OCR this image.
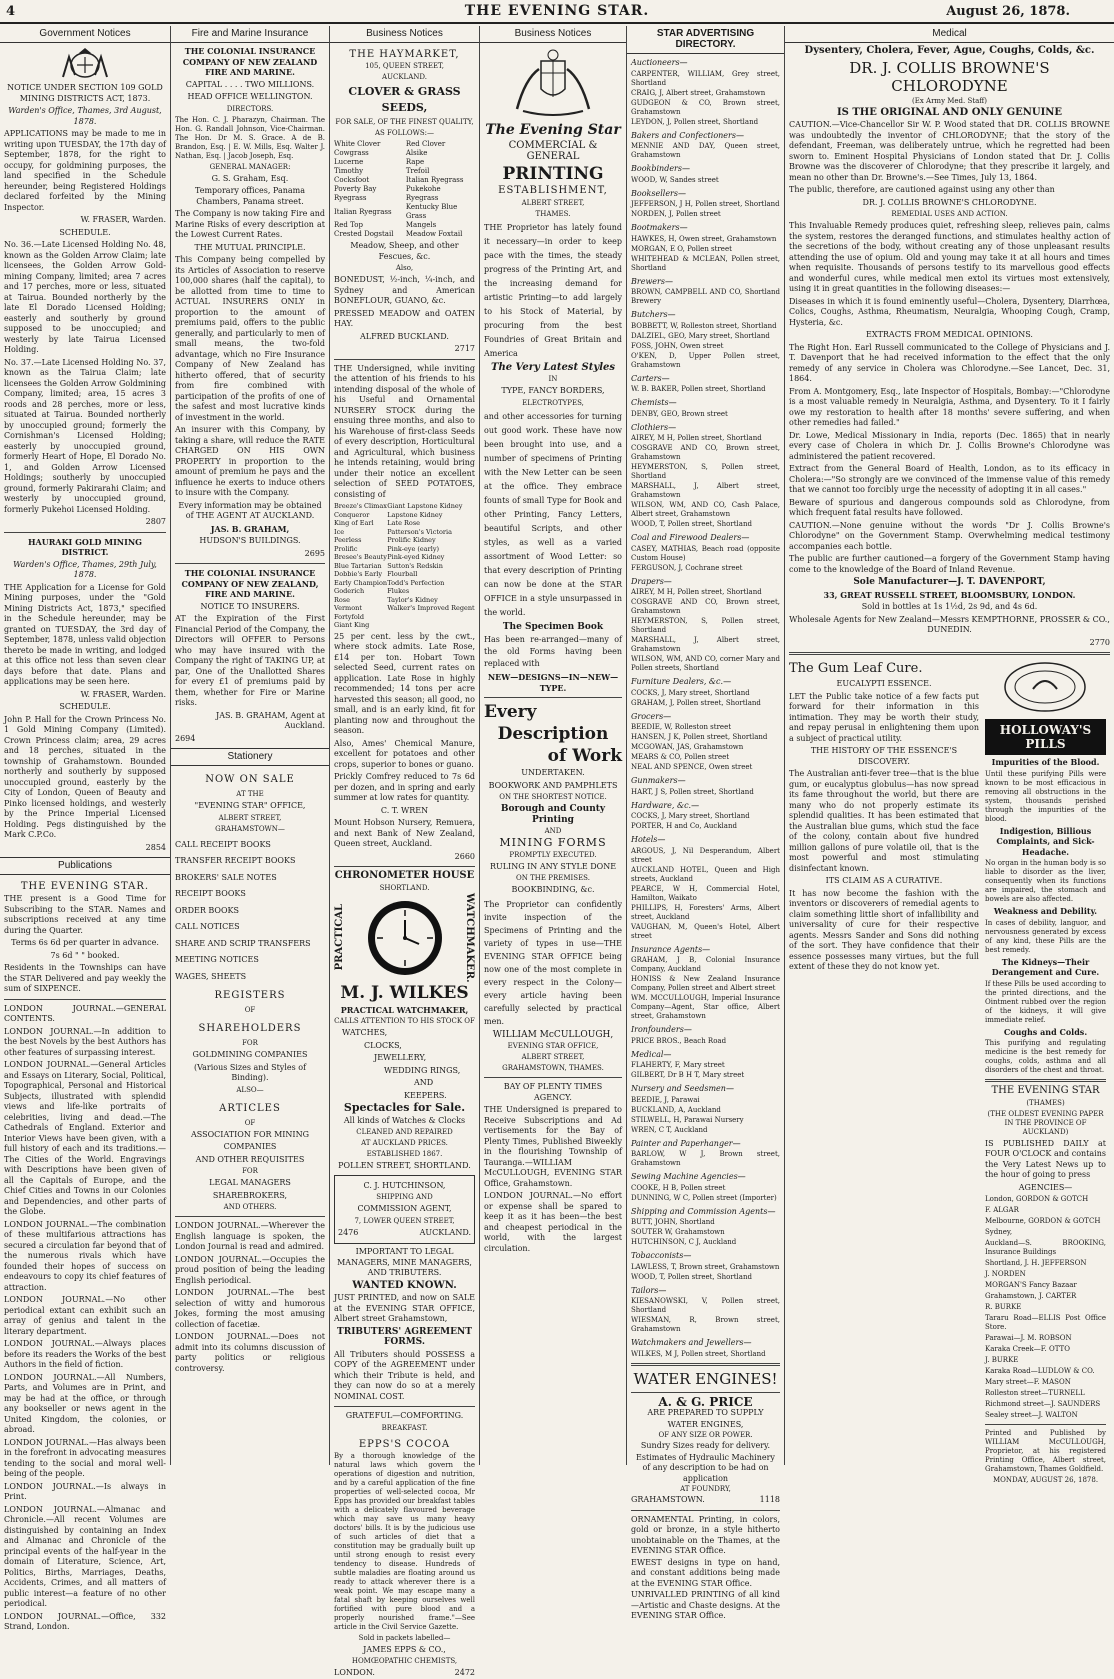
4	THE EVENING STAR.	August 26, 1878.
Government Notices
NOTICE UNDER SECTION 109 GOLD MINING DISTRICTS ACT, 1873.
Warden's Office, Thames, 3rd August, 1878.
APPLICATIONS may be made to me in writing upon TUESDAY, the 17th day of September, 1878, for the right to occupy, for goldmining purposes, the land specified in the Schedule hereunder, being Registered Holdings declared forfeited by the Mining Inspector.
W. FRASER, Warden.
SCHEDULE.
No. 36.—Late Licensed Holding No. 48, known as the Golden Arrow Claim; late licensees, the Golden Arrow Gold-mining Company, limited; area 7 acres and 17 perches, more or less, situated at Tairua. Bounded northerly by the late El Dorado Licensed Holding; easterly and southerly by ground supposed to be unoccupied; and westerly by late Tairua Licensed Holding.
No. 37.—Late Licensed Holding No. 37, known as the Tairua Claim; late licensees the Golden Arrow Goldmining Company, limited; area, 15 acres 3 roods and 28 perches, more or less, situated at Tairua. Bounded northerly by unoccupied ground; formerly the Cornishman's Licensed Holding; easterly by unoccupied ground, formerly Heart of Hope, El Dorado No. 1, and Golden Arrow Licensed Holdings; southerly by unoccupied ground, formerly Pakirarahi Claim; and westerly by unoccupied ground, formerly Pukehoi Licensed Holding.
2807
HAURAKI GOLD MINING DISTRICT.
Warden's Office, Thames, 29th July, 1878.
THE Application for a License for Gold Mining purposes, under the "Gold Mining Districts Act, 1873," specified in the Schedule hereunder, may be granted on TUESDAY, the 3rd day of September, 1878, unless valid objection thereto be made in writing, and lodged at this office not less than seven clear days before that date. Plans and applications may be seen here.
W. FRASER, Warden.
SCHEDULE.
John P. Hall for the Crown Princess No. 1 Gold Mining Company (Limited). Crown Princess claim; area, 29 acres and 18 perches, situated in the township of Grahamstown. Bounded northerly and southerly by supposed unoccupied ground, easterly by the City of London, Queen of Beauty and Pinko licensed holdings, and westerly by the Prince Imperial Licensed Holding. Pegs distinguished by the Mark C.P.Co.
2854
Publications
THE EVENING STAR.
THE present is a Good Time for Subscribing to the STAR. Names and subscriptions received at any time during the Quarter.
Terms 6s 6d per quarter in advance.
7s 6d " " booked.
Residents in the Townships can have the STAR Delivered and pay weekly the sum of SIXPENCE.
LONDON JOURNAL.—GENERAL CONTENTS.
LONDON JOURNAL.—In addition to the best Novels by the best Authors has other features of surpassing interest.
LONDON JOURNAL.—General Articles and Essays on Literary, Social, Political, Topographical, Personal and Historical Subjects, illustrated with splendid views and life-like portraits of celebrities, living and dead.—The Cathedrals of England. Exterior and Interior Views have been given, with a full history of each and its traditions.—The Cities of the World. Engravings with Descriptions have been given of all the Capitals of Europe, and the Chief Cities and Towns in our Colonies and Dependencies, and other parts of the Globe.
LONDON JOURNAL.—The combination of these multifarious attractions has secured a circulation far beyond that of the numerous rivals which have founded their hopes of success on endeavours to copy its chief features of attraction.
LONDON JOURNAL.—No other periodical extant can exhibit such an array of genius and talent in the literary department.
LONDON JOURNAL.—Always places before its readers the Works of the best Authors in the field of fiction.
LONDON JOURNAL.—All Numbers, Parts, and Volumes are in Print, and may be had at the office, or through any bookseller or news agent in the United Kingdom, the colonies, or abroad.
LONDON JOURNAL.—Has always been in the forefront in advocating measures tending to the social and moral well-being of the people.
LONDON JOURNAL.—Is always in Print.
LONDON JOURNAL.—Almanac and Chronicle.—All recent Volumes are distinguished by containing an Index and Almanac and Chronicle of the principal events of the half-year in the domain of Literature, Science, Art, Politics, Births, Marriages, Deaths, Accidents, Crimes, and all matters of public interest—a feature of no other periodical.
LONDON JOURNAL.—Office, 332 Strand, London.
Fire and Marine Insurance
THE COLONIAL INSURANCE COMPANY OF NEW ZEALAND FIRE AND MARINE.
CAPITAL . . . . TWO MILLIONS.
HEAD OFFICE WELLINGTON.
DIRECTORS.
The Hon. C. J. Pharazyn, Chairman. The Hon. G. Randall Johnson, Vice-Chairman. The Hon. Dr M. S. Grace. A de B. Brandon, Esq. | E. W. Mills, Esq. Walter J. Nathan, Esq. | Jacob Joseph, Esq.
GENERAL MANAGER:
G. S. Graham, Esq.
Temporary offices, Panama Chambers, Panama street.
The Company is now taking Fire and Marine Risks of every description at the Lowest Current Rates.
THE MUTUAL PRINCIPLE.
This Company being compelled by its Articles of Association to reserve 100,000 shares (half the capital), to be allotted from time to time to ACTUAL INSURERS ONLY in proportion to the amount of premiums paid, offers to the public generally, and particularly to men of small means, the two-fold advantage, which no Fire Insurance Company of New Zealand has hitherto offered, that of security from fire combined with participation of the profits of one of the safest and most lucrative kinds of investment in the world.
An insurer with this Company, by taking a share, will reduce the RATE CHARGED ON HIS OWN PROPERTY in proportion to the amount of premium he pays and the influence he exerts to induce others to insure with the Company.
Every information may be obtained of THE AGENT AT AUCKLAND.
JAS. B. GRAHAM,
HUDSON'S BUILDINGS.
2695
THE COLONIAL INSURANCE COMPANY OF NEW ZEALAND, FIRE AND MARINE.
NOTICE TO INSURERS.
AT the Expiration of the First Financial Period of the Company, the Directors will OFFER to Persons who may have insured with the Company the right of TAKING UP, at par, One of the Unallotted Shares for every £1 of premiums paid by them, whether for Fire or Marine risks.
JAS. B. GRAHAM, Agent at Auckland.
2694
Stationery
NOW ON SALE
AT THE
"EVENING STAR" OFFICE,
ALBERT STREET,
GRAHAMSTOWN—
CALL RECEIPT BOOKS
TRANSFER RECEIPT BOOKS
BROKERS' SALE NOTES
RECEIPT BOOKS
ORDER BOOKS
CALL NOTICES
SHARE AND SCRIP TRANSFERS
MEETING NOTICES
WAGES, SHEETS
REGISTERS
OF
SHAREHOLDERS
FOR
GOLDMINING COMPANIES
(Various Sizes and Styles of Binding).
ALSO—
ARTICLES
OF
ASSOCIATION FOR MINING
COMPANIES
AND OTHER REQUISITES
FOR
LEGAL MANAGERS
SHAREBROKERS,
AND OTHERS.
LONDON JOURNAL.—Wherever the English language is spoken, the London Journal is read and admired.
LONDON JOURNAL.—Occupies the proud position of being the leading English periodical.
LONDON JOURNAL.—The best selection of witty and humorous Jokes, forming the most amusing collection of facetiæ.
LONDON JOURNAL.—Does not admit into its columns discussion of party politics or religious controversy.
Business Notices
THE HAYMARKET,
105, QUEEN STREET,
AUCKLAND.
CLOVER & GRASS SEEDS,
FOR SALE, OF THE FINEST QUALITY,
AS FOLLOWS:—
White Clover	Red Clover
Cowgrass	Alsike
Lucerne	Rape
Timothy	Trefoil
Cocksfoot	Italian Ryegrass
Poverty Bay Ryegrass	Pukekohe Ryegrass
Italian Ryegrass	Kentucky Blue Grass
Red Top	Mangels
Crested Dogstail	Meadow Foxtail
Meadow, Sheep, and other Fescues, &c.
Also,
BONEDUST, ½-inch, ¼-inch, and Sydney and American BONEFLOUR, GUANO, &c.
PRESSED MEADOW and OATEN HAY.
ALFRED BUCKLAND.
2717
THE Undersigned, while inviting the attention of his friends to his intending disposal of the whole of his Useful and Ornamental NURSERY STOCK during the ensuing three months, and also to his Warehouse of first-class Seeds of every description, Horticultural and Agricultural, which business he intends retaining, would bring under their notice an excellent selection of SEED POTATOES, consisting of
Breeze's Climax	Giant Lapstone Kidney
Conqueror	Lapstone Kidney
King of Earl	Late Rose
Ice	Patterson's Victoria
Peerless	Prolific Kidney
Prolific	Pink-eye (early)
Bresee's Beauty	Pink-eyed Kidney
Blue Tartarian	Sutton's Redskin
Dobbie's Early	Flourball
Early Champion	Todd's Perfection
Goderich	Flukes
Rose	Taylor's Kidney
Vermont	Walker's Improved Regent
Fortyfold	
Giant King	
25 per cent. less by the cwt., where stock admits. Late Rose, £14 per ton. Hobart Town selected Seed, current rates on application. Late Rose in highly recommended; 14 tons per acre harvested this season; all good, no small, and is an early kind, fit for planting now and throughout the season.
Also, Ames' Chemical Manure, excellent for potatoes and other crops, superior to bones or guano.
Prickly Comfrey reduced to 7s 6d per dozen, and in spring and early summer at low rates for quantity.
C. T. WREN
Mount Hobson Nursery, Remuera, and next Bank of New Zealand, Queen street, Auckland.
2660
CHRONOMETER HOUSE
SHORTLAND.
PRACTICAL	WATCHMAKER.
M. J. WILKES
PRACTICAL WATCHMAKER,
CALLS ATTENTION TO HIS STOCK OF
WATCHES,
CLOCKS,
JEWELLERY,
WEDDING RINGS,
AND
KEEPERS.
Spectacles for Sale.
All kinds of Watches & Clocks
CLEANED AND REPAIRED
AT AUCKLAND PRICES.
ESTABLISHED 1867.
POLLEN STREET, SHORTLAND.
C. J. HUTCHINSON,
SHIPPING AND
COMMISSION AGENT,
7, LOWER QUEEN STREET,
2476	AUCKLAND.
IMPORTANT TO LEGAL MANAGERS, MINE MANAGERS, AND TRIBUTERS.
WANTED KNOWN.
JUST PRINTED, and now on SALE at the EVENING STAR OFFICE, Albert street Grahamstown,
TRIBUTERS' AGREEMENT FORMS.
All Tributers should POSSESS a COPY of the AGREEMENT under which their Tribute is held, and they can now do so at a merely NOMINAL COST.
GRATEFUL—COMFORTING.
BREAKFAST.
EPPS'S COCOA
By a thorough knowledge of the natural laws which govern the operations of digestion and nutrition, and by a careful application of the fine properties of well-selected cocoa, Mr Epps has provided our breakfast tables with a delicately flavoured beverage which may save us many heavy doctors' bills. It is by the judicious use of such articles of diet that a constitution may be gradually built up until strong enough to resist every tendency to disease. Hundreds of subtle maladies are floating around us ready to attack wherever there is a weak point. We may escape many a fatal shaft by keeping ourselves well fortified with pure blood and a properly nourished frame."—See article in the Civil Service Gazette.
Sold in packets labelled—
JAMES EPPS & CO.,
HOMŒOPATHIC CHEMISTS,
LONDON.	2472
Business Notices
The Evening Star
COMMERCIAL & GENERAL
PRINTING
ESTABLISHMENT,
ALBERT STREET,
THAMES.
THE Proprietor has lately found it necessary—in order to keep pace with the times, the steady progress of the Printing Art, and the increasing demand for artistic Printing—to add largely to his Stock of Material, by procuring from the best Foundries of Great Britain and America
The Very Latest Styles
IN
TYPE, FANCY BORDERS,
ELECTROTYPES,
and other accessories for turning out good work. These have now been brought into use, and a number of specimens of Printing with the New Letter can be seen at the office. They embrace founts of small Type for Book and other Printing, Fancy Letters, beautiful Scripts, and other styles, as well as a varied assortment of Wood Letter: so that every description of Printing can now be done at the STAR OFFICE in a style unsurpassed in the world.
The Specimen Book
Has been re-arranged—many of the old Forms having been replaced with
NEW—DESIGNS—IN—NEW—TYPE.
Every
Description
of Work
UNDERTAKEN.
BOOKWORK AND PAMPHLETS
ON THE SHORTEST NOTICE.
Borough and County Printing
AND
MINING FORMS
PROMPTLY EXECUTED.
RULING IN ANY STYLE DONE
ON THE PREMISES.
BOOKBINDING, &c.
The Proprietor can confidently invite inspection of the Specimens of Printing and the variety of types in use—THE EVENING STAR OFFICE being now one of the most complete in every respect in the Colony—every article having been carefully selected by practical men.
WILLIAM McCULLOUGH,
EVENING STAR OFFICE,
ALBERT STREET,
GRAHAMSTOWN, THAMES.
BAY OF PLENTY TIMES AGENCY.
THE Undersigned is prepared to Receive Subscriptions and Ad vertisements for the Bay of Plenty Times, Published Biweekly in the flourishing Township of Tauranga.—WILLIAM McCULLOUGH, EVENING STAR Office, Grahamstown.
LONDON JOURNAL.—No effort or expense shall be spared to keep it as it has been—the best and cheapest periodical in the world, with the largest circulation.
STAR ADVERTISING DIRECTORY.
Auctioneers—
CARPENTER, WILLIAM, Grey street, Shortland
CRAIG, J, Albert street, Grahamstown
GUDGEON & CO, Brown street, Grahamstown
LEYDON, J, Pollen street, Shortland
Bakers and Confectioners—
MENNIE AND DAY, Queen street, Grahamstown
Bookbinders—
WOOD, W, Sandes street
Booksellers—
JEFFERSON, J H, Pollen street, Shortland
NORDEN, J, Pollen street
Bootmakers—
HAWKES, H, Owen street, Grahamstown
MORGAN, E O, Pollen street
WHITEHEAD & MCLEAN, Pollen street, Shortland
Brewers—
BROWN, CAMPBELL AND CO, Shortland Brewery
Butchers—
BOBBETT, W, Rolleston street, Shortland
DALZIEL, GEO, Mary street, Shortland
FOSS, JOHN, Owen street
O'KEN, D, Upper Pollen street, Grahamstown
Carters—
W. B. BAKER, Pollen street, Shortland
Chemists—
DENBY, GEO, Brown street
Clothiers—
AIREY, M H, Pollen street, Shortland
COSGRAVE AND CO, Brown street, Grahamstown
HEYMERSTON, S, Pollen street, Shortland
MARSHALL, J, Albert street, Grahamstown
WILSON, WM, AND CO, Cash Palace, Albert street, Grahamstown
WOOD, T, Pollen street, Shortland
Coal and Firewood Dealers—
CASEY, MATHIAS, Beach road (opposite Custom House)
FERGUSON, J, Cochrane street
Drapers—
AIREY, M H, Pollen street, Shortland
COSGRAVE AND CO, Brown street, Grahamstown
HEYMERSTON, S, Pollen street, Shortland
MARSHALL, J, Albert street, Grahamstown
WILSON, WM, AND CO, corner Mary and Pollen streets, Shortland
Furniture Dealers, &c.—
COCKS, J, Mary street, Shortland
GRAHAM, J, Pollen street, Shortland
Grocers—
BEEDIE, W, Rolleston street
HANSEN, J K, Pollen street, Shortland
MCGOWAN, JAS, Grahamstown
MEARS & CO, Pollen street
NEAL AND SPENCE, Owen street
Gunmakers—
HART, J S, Pollen street, Shortland
Hardware, &c.—
COCKS, J, Mary street, Shortland
PORTER, H and Co, Auckland
Hotels—
ARGOUS, J, Nil Desperandum, Albert street
AUCKLAND HOTEL, Queen and High streets, Auckland
PEARCE, W H, Commercial Hotel, Hamilton, Waikato
PHILLIPS, H, Foresters' Arms, Albert street, Auckland
VAUGHAN, M, Queen's Hotel, Albert street
Insurance Agents—
GRAHAM, J B, Colonial Insurance Company, Auckland
HONISS & New Zealand Insurance Company, Pollen street and Albert street
WM. MCCULLOUGH, Imperial Insurance Company—Agent, Star office, Albert street, Grahamstown
Ironfounders—
PRICE BROS., Beach Road
Medical—
FLAHERTY, F, Mary street
GILBERT, Dr B H T, Mary street
Nursery and Seedsmen—
BEEDIE, J, Parawai
BUCKLAND, A, Auckland
STILWELL, H, Parawai Nursery
WREN, C T, Auckland
Painter and Paperhanger—
BARLOW, W J, Brown street, Grahamstown
Sewing Machine Agencies—
COOKE, H B, Pollen street
DUNNING, W C, Pollen street (Importer)
Shipping and Commission Agents—
BUTT, JOHN, Shortland
SOUTER W, Grahamstown
HUTCHINSON, C J, Auckland
Tobacconists—
LAWLESS, T, Brown street, Grahamstown
WOOD, T, Pollen street, Shortland
Tailors—
KIESANOWSKI, V, Pollen street, Shortland
WIESMAN, R, Brown street, Grahamstown
Watchmakers and Jewellers—
WILKES, M J, Pollen street, Shortland
WATER ENGINES!
A. & G. PRICE
ARE PREPARED TO SUPPLY
WATER ENGINES,
OF ANY SIZE OR POWER.
Sundry Sizes ready for delivery.
Estimates of Hydraulic Machinery of any description to be had on application
AT FOUNDRY,
GRAHAMSTOWN.	1118
ORNAMENTAL Printing, in colors, gold or bronze, in a style hitherto unobtainable on the Thames, at the EVENING STAR Office.
EWEST designs in type on hand, and constant additions being made at the EVENING STAR Office.
UNRIVALLED PRINTING of all kind —Artistic and Chaste designs. At the EVENING STAR Office.
Medical
Dysentery, Cholera, Fever, Ague, Coughs, Colds, &c.
DR. J. COLLIS BROWNE'S CHLORODYNE
(Ex Army Med. Staff)
IS THE ORIGINAL AND ONLY GENUINE
CAUTION.—Vice-Chancellor Sir W. P. Wood stated that DR. COLLIS BROWNE was undoubtedly the inventor of CHLORODYNE; that the story of the defendant, Freeman, was deliberately untrue, which he regretted had been sworn to. Eminent Hospital Physicians of London stated that Dr. J. Collis Browne was the discoverer of Chlorodyne; that they prescribe it largely, and mean no other than Dr. Browne's.—See Times, July 13, 1864.
The public, therefore, are cautioned against using any other than
DR. J. COLLIS BROWNE'S CHLORODYNE.
REMEDIAL USES AND ACTION.
This Invaluable Remedy produces quiet, refreshing sleep, relieves pain, calms the system, restores the deranged functions, and stimulates healthy action of the secretions of the body, without creating any of those unpleasant results attending the use of opium. Old and young may take it at all hours and times when requisite. Thousands of persons testify to its marvellous good effects and wonderful cures, while medical men extol its virtues most extensively, using it in great quantities in the following diseases:—
Diseases in which it is found eminently useful—Cholera, Dysentery, Diarrhœa, Colics, Coughs, Asthma, Rheumatism, Neuralgia, Whooping Cough, Cramp, Hysteria, &c.
EXTRACTS FROM MEDICAL OPINIONS.
The Right Hon. Earl Russell communicated to the College of Physicians and J. T. Davenport that he had received information to the effect that the only remedy of any service in Cholera was Chlorodyne.—See Lancet, Dec. 31, 1864.
From A. Montgomery, Esq., late Inspector of Hospitals, Bombay:—"Chlorodyne is a most valuable remedy in Neuralgia, Asthma, and Dysentery. To it I fairly owe my restoration to health after 18 months' severe suffering, and when other remedies had failed."
Dr. Lowe, Medical Missionary in India, reports (Dec. 1865) that in nearly every case of Cholera in which Dr. J. Collis Browne's Chlorodyne was administered the patient recovered.
Extract from the General Board of Health, London, as to its efficacy in Cholera:—"So strongly are we convinced of the immense value of this remedy that we cannot too forcibly urge the necessity of adopting it in all cases."
Beware of spurious and dangerous compounds sold as Chlorodyne, from which frequent fatal results have followed.
CAUTION.—None genuine without the words "Dr J. Collis Browne's Chlorodyne" on the Government Stamp. Overwhelming medical testimony accompanies each bottle.
The public are further cautioned—a forgery of the Government Stamp having come to the knowledge of the Board of Inland Revenue.
Sole Manufacturer—J. T. DAVENPORT,
33, GREAT RUSSELL STREET, BLOOMSBURY, LONDON.
Sold in bottles at 1s 1½d, 2s 9d, and 4s 6d.
Wholesale Agents for New Zealand—Messrs KEMPTHORNE, PROSSER & CO., DUNEDIN.
2770
The Gum Leaf Cure.
EUCALYPTI ESSENCE.
LET the Public take notice of a few facts put forward for their information in this intimation. They may be worth their study, and repay perusal in enlightening them upon a subject of practical utility.
THE HISTORY OF THE ESSENCE'S DISCOVERY.
The Australian anti-fever tree—that is the blue gum, or eucalyptus globulus—has now spread its fame throughout the world, but there are many who do not properly estimate its splendid qualities. It has been estimated that the Australian blue gums, which stud the face of the colony, contain about five hundred million gallons of pure volatile oil, that is the most powerful and most stimulating disinfectant known.
ITS CLAIM AS A CURATIVE.
It has now become the fashion with the inventors or discoverers of remedial agents to claim something little short of infallibility and universality of cure for their respective agents. Messrs Sander and Sons did nothing of the sort. They have confidence that their essence possesses many virtues, but the full extent of these they do not know yet.
HOLLOWAY'S PILLS
Impurities of the Blood.
Until these purifying Pills were known to be most efficacious in removing all obstructions in the system, thousands perished through the impurities of the blood.
Indigestion, Billious Complaints, and Sick-Headache.
No organ in the human body is so liable to disorder as the liver, consequently when its functions are impaired, the stomach and bowels are also affected.
Weakness and Debility.
In cases of debility, languor, and nervousness generated by excess of any kind, these Pills are the best remedy.
The Kidneys—Their Derangement and Cure.
If these Pills be used according to the printed directions, and the Ointment rubbed over the region of the kidneys, it will give immediate relief.
Coughs and Colds.
This purifying and regulating medicine is the best remedy for coughs, colds, asthma and all disorders of the chest and throat.
THE EVENING STAR
(THAMES)
(THE OLDEST EVENING PAPER IN THE PROVINCE OF AUCKLAND)
IS PUBLISHED DAILY at FOUR O'CLOCK and contains the Very Latest News up to the hour of going to press
AGENCIES—
London, GORDON & GOTCH
F. ALGAR
Melbourne, GORDON & GOTCH
Sydney,
Auckland—S. BROOKING, Insurance Buildings
Shortland, J. H. JEFFERSON
J. NORDEN
MORGAN'S Fancy Bazaar
Grahamstown, J. CARTER
R. BURKE
Tararu Road—ELLIS Post Office Store.
Parawai—J. M. ROBSON
Karaka Creek—F. OTTO
J. BURKE
Karaka Road—LUDLOW & CO.
Mary street—F. MASON
Rolleston street—TURNELL
Richmond street—J. SAUNDERS
Sealey street—J. WALTON
Printed and Published by WILLIAM McCULLOUGH, Proprietor, at his registered Printing Office, Albert street, Grahamstown, Thames Goldfield.
MONDAY, AUGUST 26, 1878.
